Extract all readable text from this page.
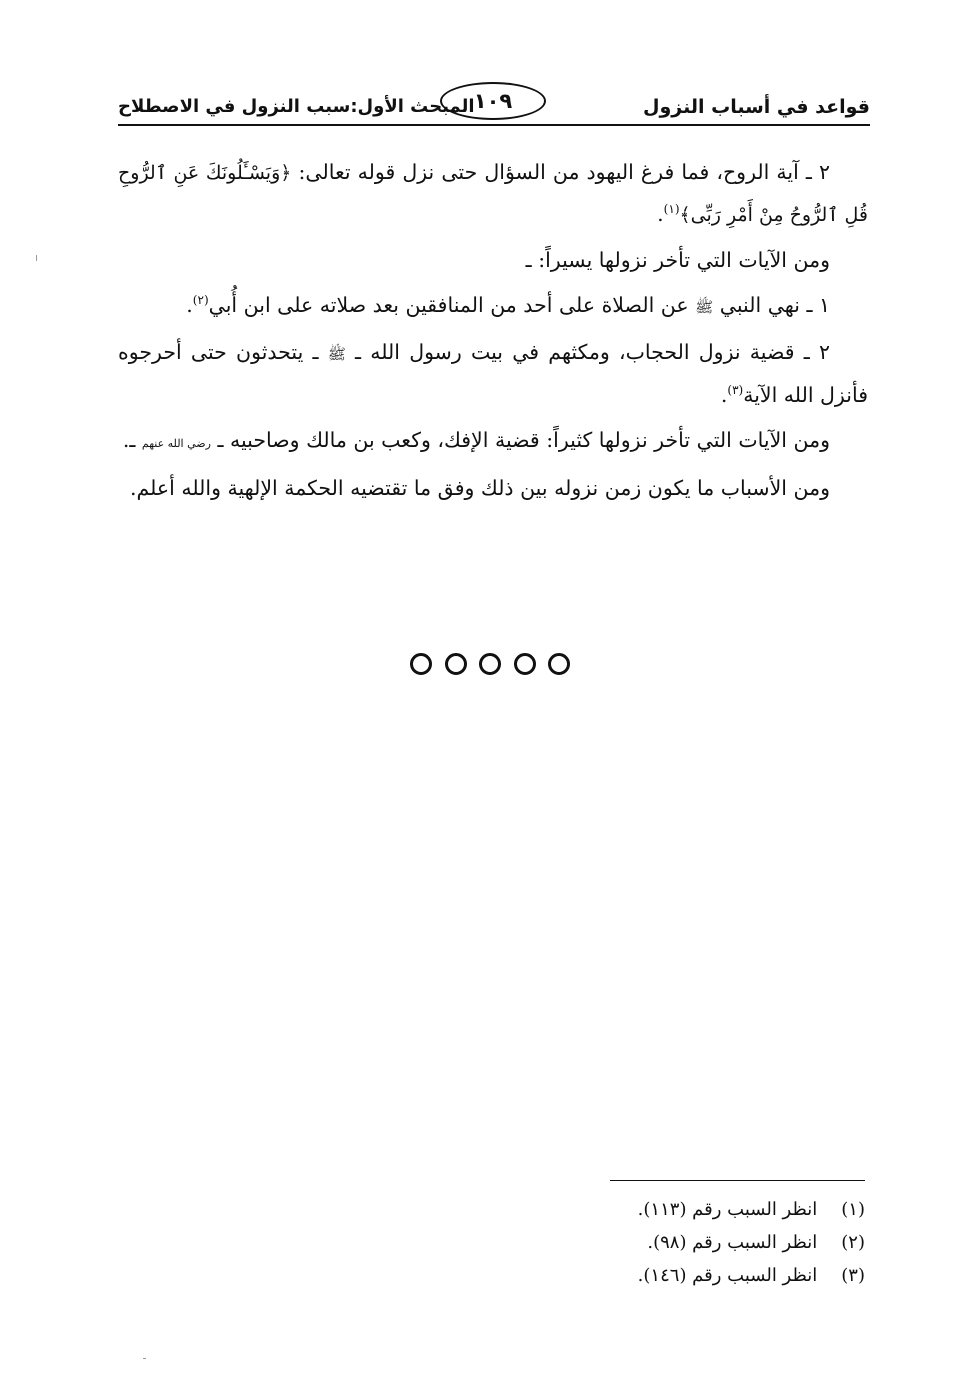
قواعد في أسباب النزول
١٠٩
المبحث الأول:سبب النزول في الاصطلاح

٢ ـ آية الروح، فما فرغ اليهود من السؤال حتى نزل قوله تعالى: ﴿وَيَسْـَٔلُونَكَ عَنِ ٱلرُّوحِ قُلِ ٱلرُّوحُ مِنْ أَمْرِ رَبِّى﴾$^{(١)}$.

ومن الآيات التي تأخر نزولها يسيراً: ـ

١ ـ نهي النبي ﷺ عن الصلاة على أحد من المنافقين بعد صلاته على ابن أُبي$^{(٢)}$.

٢ ـ قضية نزول الحجاب، ومكثهم في بيت رسول الله ـ ﷺ ـ يتحدثون حتى أحرجوه فأنزل الله الآية$^{(٣)}$.

ومن الآيات التي تأخر نزولها كثيراً: قضية الإفك، وكعب بن مالك وصاحبيه ـ رضي الله عنهم ـ.

ومن الأسباب ما يكون زمن نزوله بين ذلك وفق ما تقتضيه الحكمة الإلهية والله أعلم.

(١) انظر السبب رقم (١١٣).
(٢) انظر السبب رقم (٩٨).
(٣) انظر السبب رقم (١٤٦).
